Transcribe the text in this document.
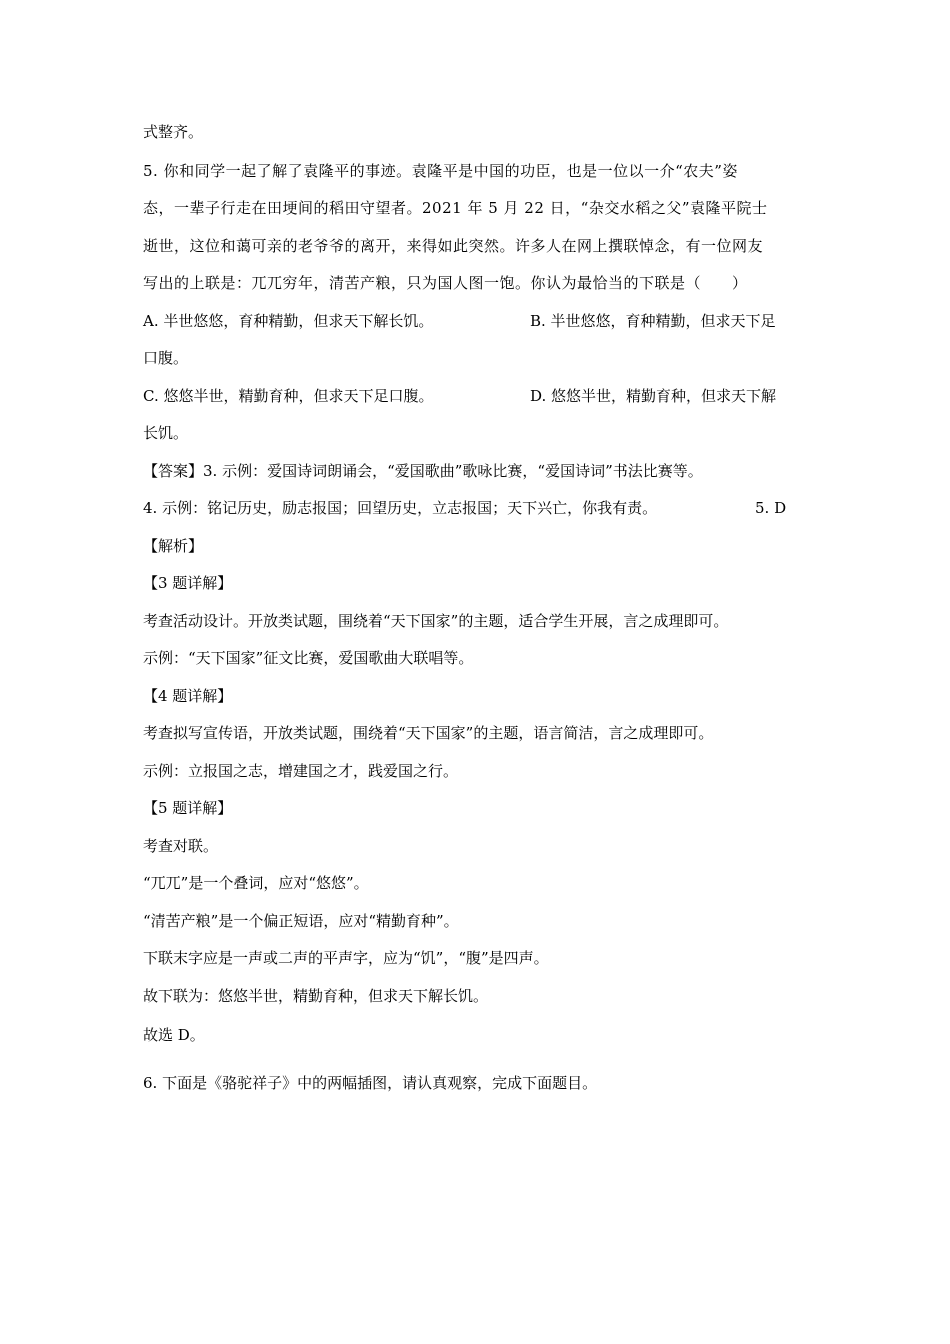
式整齐。
5. 你和同学一起了解了袁隆平的事迹。袁隆平是中国的功臣，也是一位以一介“农夫”姿
态，一辈子行走在田埂间的稻田守望者。2021 年 5 月 22 日，“杂交水稻之父”袁隆平院士
逝世，这位和蔼可亲的老爷爷的离开，来得如此突然。许多人在网上撰联悼念，有一位网友
写出的上联是：兀兀穷年，清苦产粮，只为国人图一饱。你认为最恰当的下联是（　　）
A. 半世悠悠，育种精勤，但求天下解长饥。	B. 半世悠悠，育种精勤，但求天下足
口腹。
C. 悠悠半世，精勤育种，但求天下足口腹。	D. 悠悠半世，精勤育种，但求天下解
长饥。
【答案】3. 示例：爱国诗词朗诵会，“爱国歌曲”歌咏比赛，“爱国诗词”书法比赛等。
4. 示例：铭记历史，励志报国；回望历史，立志报国；天下兴亡，你我有责。	5. D
【解析】
【3 题详解】
考查活动设计。开放类试题，围绕着“天下国家”的主题，适合学生开展，言之成理即可。
示例：“天下国家”征文比赛，爱国歌曲大联唱等。
【4 题详解】
考查拟写宣传语，开放类试题，围绕着“天下国家”的主题，语言简洁，言之成理即可。
示例：立报国之志，增建国之才，践爱国之行。
【5 题详解】
考查对联。
“兀兀”是一个叠词，应对“悠悠”。
“清苦产粮”是一个偏正短语，应对“精勤育种”。
下联末字应是一声或二声的平声字，应为“饥”，“腹”是四声。
故下联为：悠悠半世，精勤育种，但求天下解长饥。
故选 D。
6. 下面是《骆驼祥子》中的两幅插图，请认真观察，完成下面题目。
